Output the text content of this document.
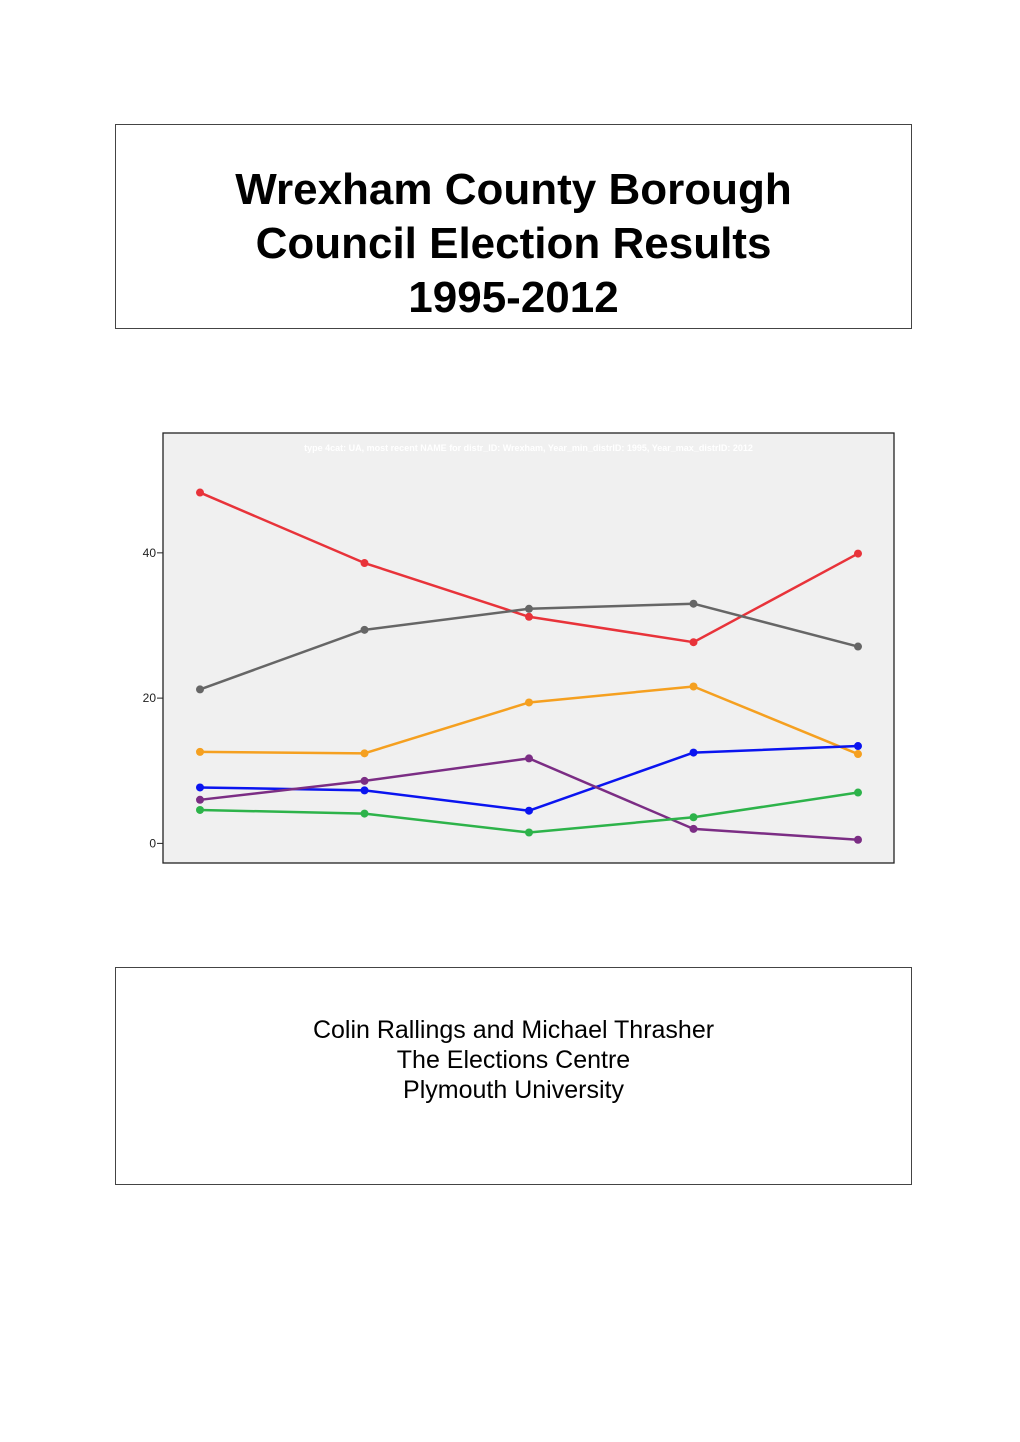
Wrexham County Borough
Council Election Results
1995-2012
type 4cat: UA, most recent NAME for distr_ID: Wrexham, Year_min_distrID: 1995, Year_max_distrID: 2012
0
20
40
Colin Rallings and Michael Thrasher
The Elections Centre
Plymouth University
